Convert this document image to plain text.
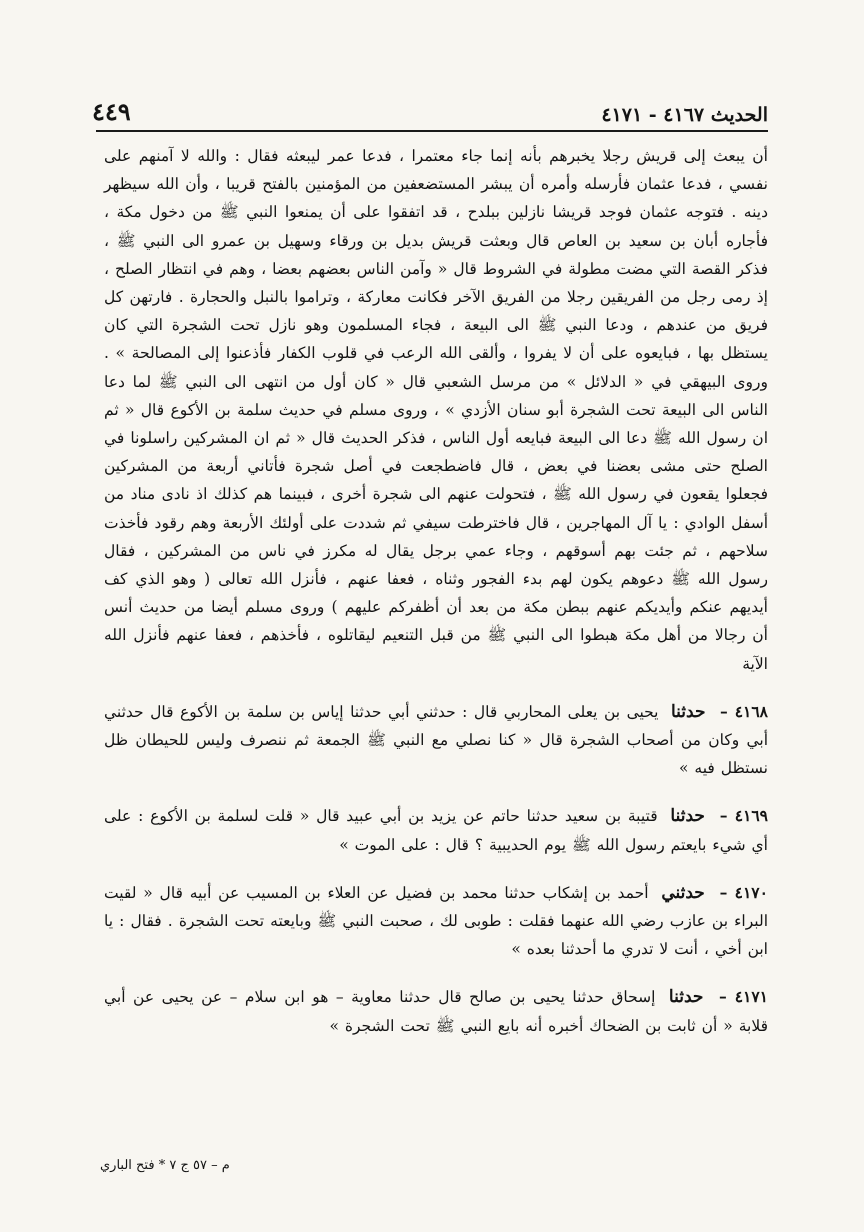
الحديث ٤١٦٧ - ٤١٧١
٤٤٩

أن يبعث إلى قريش رجلا يخبرهم بأنه إنما جاء معتمرا ، فدعا عمر ليبعثه فقال : والله لا آمنهم على نفسي ، فدعا عثمان فأرسله وأمره أن يبشر المستضعفين من المؤمنين بالفتح قريبا ، وأن الله سيظهر دينه . فتوجه عثمان فوجد قريشا نازلين ببلدح ، قد اتفقوا على أن يمنعوا النبي ﷺ من دخول مكة ، فأجاره أبان بن سعيد بن العاص قال وبعثت قريش بديل بن ورقاء وسهيل بن عمرو الى النبي ﷺ ، فذكر القصة التي مضت مطولة في الشروط قال « وآمن الناس بعضهم بعضا ، وهم في انتظار الصلح ، إذ رمى رجل من الفريقين رجلا من الفريق الآخر فكانت معاركة ، وتراموا بالنبل والحجارة . فارتهن كل فريق من عندهم ، ودعا النبي ﷺ الى البيعة ، فجاء المسلمون وهو نازل تحت الشجرة التي كان يستظل بها ، فبايعوه على أن لا يفروا ، وألقى الله الرعب في قلوب الكفار فأذعنوا إلى المصالحة » . وروى البيهقي في « الدلائل » من مرسل الشعبي قال « كان أول من انتهى الى النبي ﷺ لما دعا الناس الى البيعة تحت الشجرة أبو سنان الأزدي » ، وروى مسلم في حديث سلمة بن الأكوع قال « ثم ان رسول الله ﷺ دعا الى البيعة فبايعه أول الناس ، فذكر الحديث قال « ثم ان المشركين راسلونا في الصلح حتى مشى بعضنا في بعض ، قال فاضطجعت في أصل شجرة فأتاني أربعة من المشركين فجعلوا يقعون في رسول الله ﷺ ، فتحولت عنهم الى شجرة أخرى ، فبينما هم كذلك اذ نادى مناد من أسفل الوادي : يا آل المهاجرين ، قال فاخترطت سيفي ثم شددت على أولئك الأربعة وهم رقود فأخذت سلاحهم ، ثم جئت بهم أسوقهم ، وجاء عمي برجل يقال له مكرز في ناس من المشركين ، فقال رسول الله ﷺ دعوهم يكون لهم بدء الفجور وثناه ، فعفا عنهم ، فأنزل الله تعالى ( وهو الذي كف أيديهم عنكم وأيديكم عنهم ببطن مكة من بعد أن أظفركم عليهم ) وروى مسلم أيضا من حديث أنس أن رجالا من أهل مكة هبطوا الى النبي ﷺ من قبل التنعيم ليقاتلوه ، فأخذهم ، فعفا عنهم فأنزل الله الآية

٤١٦٨ – حدثنا يحيى بن يعلى المحاربي قال : حدثني أبي حدثنا إياس بن سلمة بن الأكوع قال حدثني أبي وكان من أصحاب الشجرة قال « كنا نصلي مع النبي ﷺ الجمعة ثم ننصرف وليس للحيطان ظل نستظل فيه »

٤١٦٩ – حدثنا قتيبة بن سعيد حدثنا حاتم عن يزيد بن أبي عبيد قال « قلت لسلمة بن الأكوع : على أي شيء بايعتم رسول الله ﷺ يوم الحديبية ؟ قال : على الموت »

٤١٧٠ – حدثني أحمد بن إشكاب حدثنا محمد بن فضيل عن العلاء بن المسيب عن أبيه قال « لقيت البراء بن عازب رضي الله عنهما فقلت : طوبى لك ، صحبت النبي ﷺ وبايعته تحت الشجرة . فقال : يا ابن أخي ، أنت لا تدري ما أحدثنا بعده »

٤١٧١ – حدثنا إسحاق حدثنا يحيى بن صالح قال حدثنا معاوية – هو ابن سلام – عن يحيى عن أبي قلابة « أن ثابت بن الضحاك أخبره أنه بايع النبي ﷺ تحت الشجرة »

م – ٥٧ ج ٧ * فتح الباري
